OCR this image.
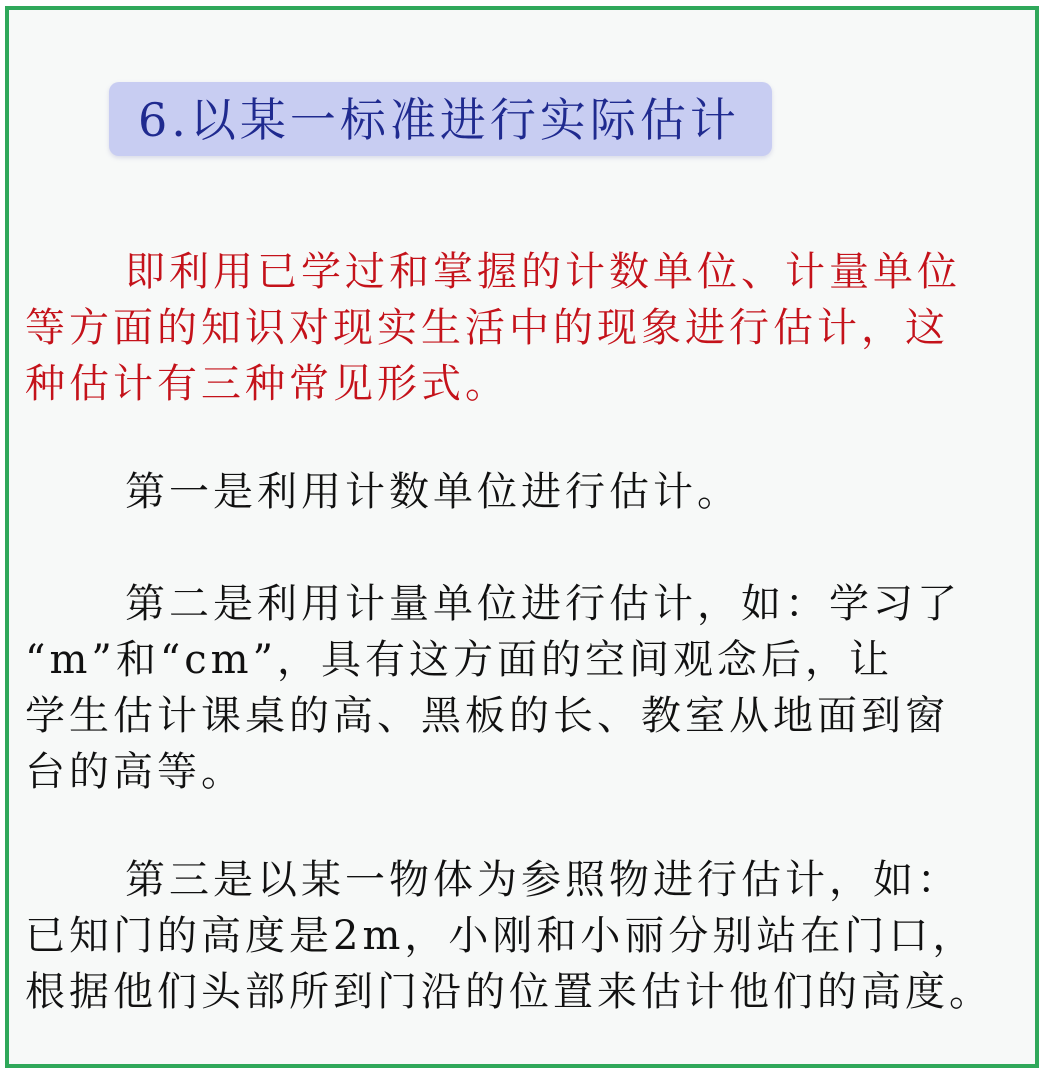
6.以某一标准进行实际估计
即利用已学过和掌握的计数单位、计量单位
等方面的知识对现实生活中的现象进行估计，这
种估计有三种常见形式。
第一是利用计数单位进行估计。
第二是利用计量单位进行估计，如：学习了
“m”和“cm”，具有这方面的空间观念后，让
学生估计课桌的高、黑板的长、教室从地面到窗
台的高等。
第三是以某一物体为参照物进行估计，如：
已知门的高度是2m，小刚和小丽分别站在门口，
根据他们头部所到门沿的位置来估计他们的高度。
